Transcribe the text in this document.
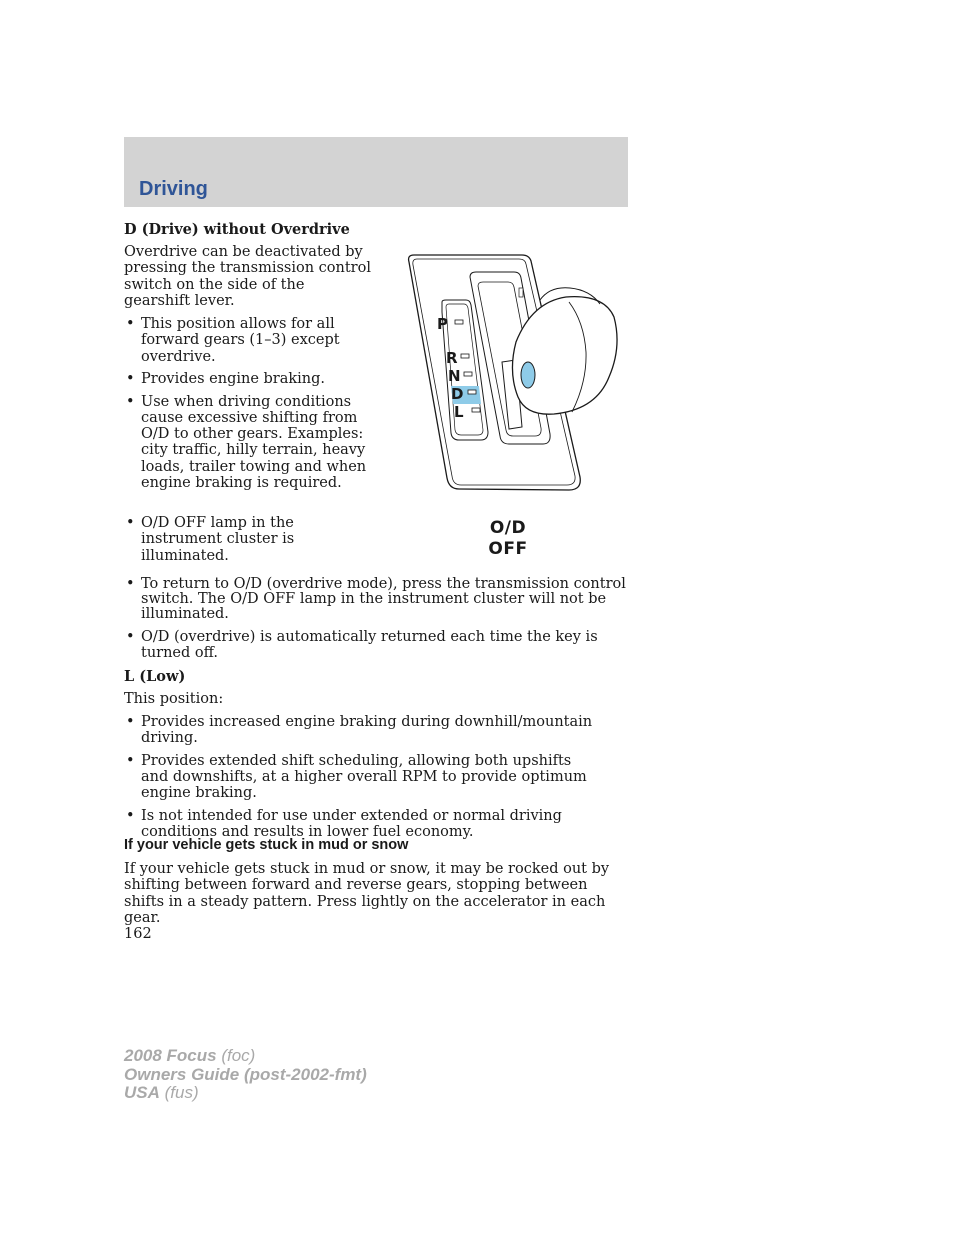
Driving
D (Drive) without Overdrive
Overdrive can be deactivated by pressing the transmission control switch on the side of the gearshift lever.
• This position allows for all forward gears (1–3) except overdrive.
• Provides engine braking.
• Use when driving conditions cause excessive shifting from O/D to other gears. Examples: city traffic, hilly terrain, heavy loads, trailer towing and when engine braking is required.
• O/D OFF lamp in the instrument cluster is illuminated.
P
R
N
D
L
O/D
OFF
• To return to O/D (overdrive mode), press the transmission control switch. The O/D OFF lamp in the instrument cluster will not be illuminated.
• O/D (overdrive) is automatically returned each time the key is turned off.
L (Low)
This position:
• Provides increased engine braking during downhill/mountain driving.
• Provides extended shift scheduling, allowing both upshifts and downshifts, at a higher overall RPM to provide optimum engine braking.
• Is not intended for use under extended or normal driving conditions and results in lower fuel economy.
If your vehicle gets stuck in mud or snow
If your vehicle gets stuck in mud or snow, it may be rocked out by shifting between forward and reverse gears, stopping between shifts in a steady pattern. Press lightly on the accelerator in each gear.
162
2008 Focus (foc)
Owners Guide (post-2002-fmt)
USA (fus)
